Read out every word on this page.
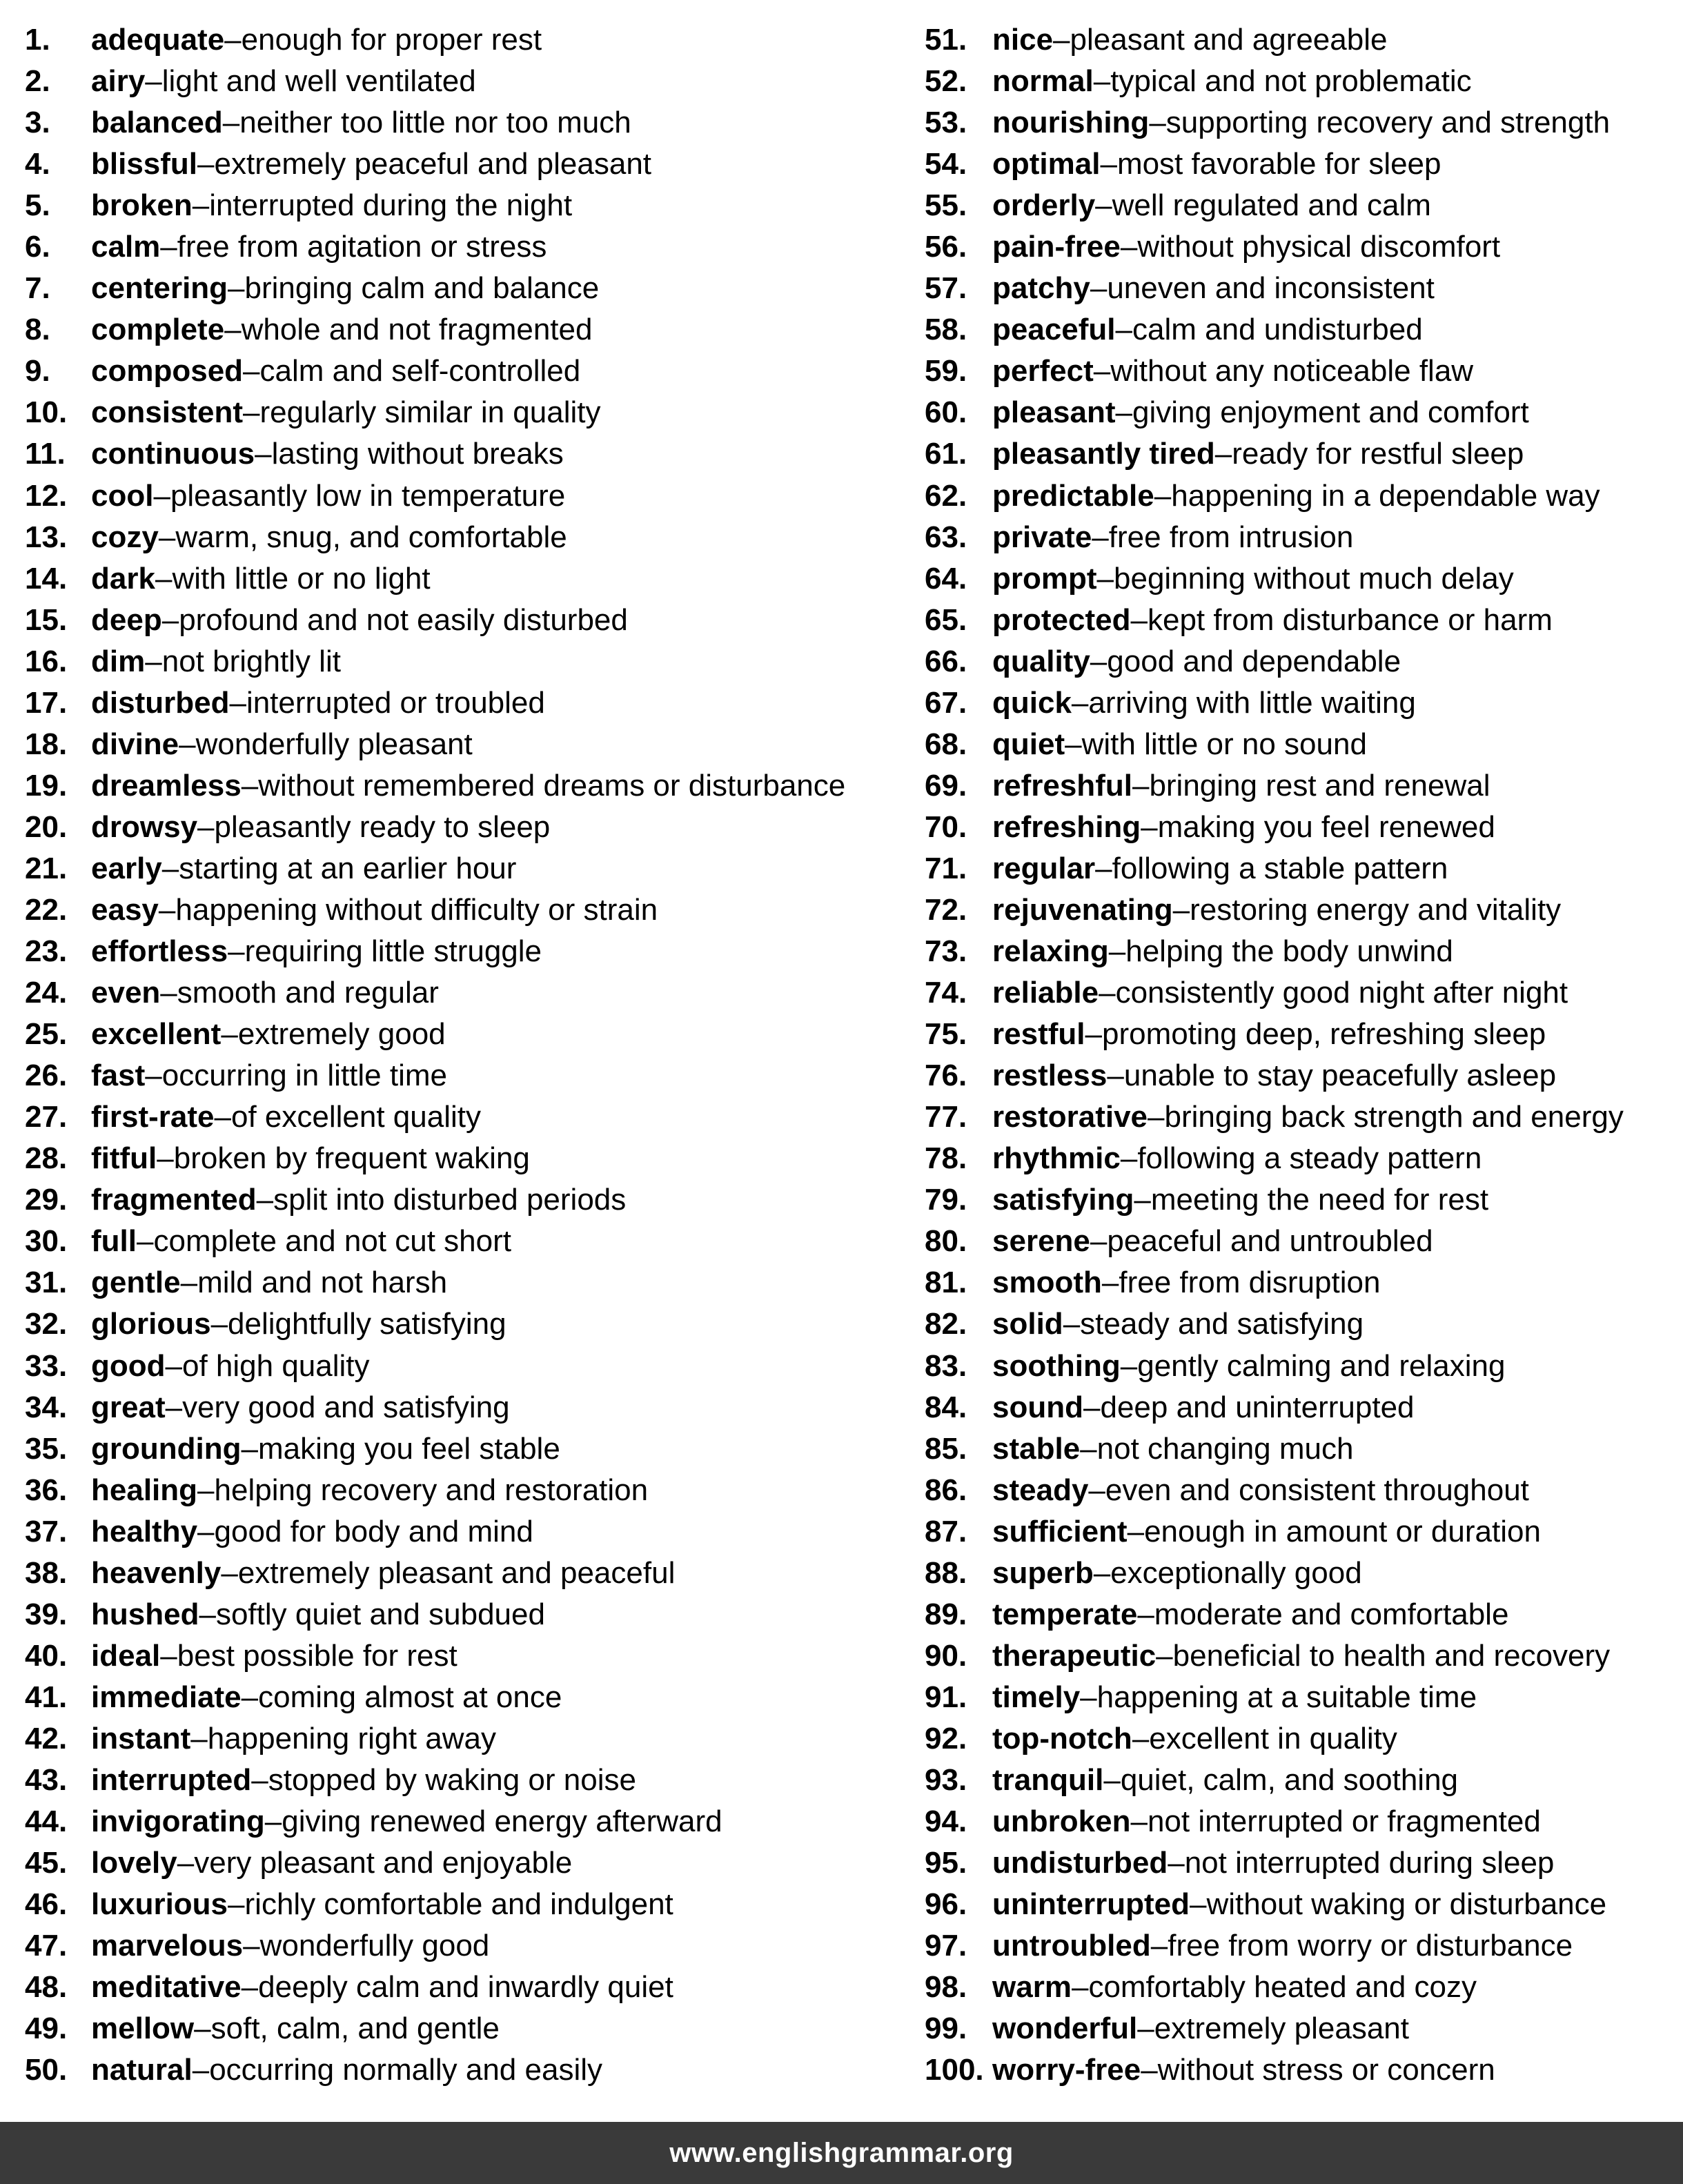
1.	adequate – enough for proper rest
2.	airy – light and well ventilated
3.	balanced – neither too little nor too much
4.	blissful – extremely peaceful and pleasant
5.	broken – interrupted during the night
6.	calm – free from agitation or stress
7.	centering – bringing calm and balance
8.	complete – whole and not fragmented
9.	composed – calm and self-controlled
10. consistent – regularly similar in quality
11. continuous – lasting without breaks
12. cool – pleasantly low in temperature
13. cozy – warm, snug, and comfortable
14. dark – with little or no light
15. deep – profound and not easily disturbed
16. dim – not brightly lit
17. disturbed – interrupted or troubled
18. divine – wonderfully pleasant
19. dreamless – without remembered dreams or disturbance
20. drowsy – pleasantly ready to sleep
21. early – starting at an earlier hour
22. easy – happening without difficulty or strain
23. effortless – requiring little struggle
24. even – smooth and regular
25. excellent – extremely good
26. fast – occurring in little time
27. first-rate – of excellent quality
28. fitful – broken by frequent waking
29. fragmented – split into disturbed periods
30. full – complete and not cut short
31. gentle – mild and not harsh
32. glorious – delightfully satisfying
33. good – of high quality
34. great – very good and satisfying
35. grounding – making you feel stable
36. healing – helping recovery and restoration
37. healthy – good for body and mind
38. heavenly – extremely pleasant and peaceful
39. hushed – softly quiet and subdued
40. ideal – best possible for rest
41. immediate – coming almost at once
42. instant – happening right away
43. interrupted – stopped by waking or noise
44. invigorating – giving renewed energy afterward
45. lovely – very pleasant and enjoyable
46. luxurious – richly comfortable and indulgent
47. marvelous – wonderfully good
48. meditative – deeply calm and inwardly quiet
49. mellow – soft, calm, and gentle
50. natural – occurring normally and easily
51. nice – pleasant and agreeable
52. normal – typical and not problematic
53. nourishing – supporting recovery and strength
54. optimal – most favorable for sleep
55. orderly – well regulated and calm
56. pain-free – without physical discomfort
57. patchy – uneven and inconsistent
58. peaceful – calm and undisturbed
59. perfect – without any noticeable flaw
60. pleasant – giving enjoyment and comfort
61. pleasantly tired – ready for restful sleep
62. predictable – happening in a dependable way
63. private – free from intrusion
64. prompt – beginning without much delay
65. protected – kept from disturbance or harm
66. quality – good and dependable
67. quick – arriving with little waiting
68. quiet – with little or no sound
69. refreshful – bringing rest and renewal
70. refreshing – making you feel renewed
71. regular – following a stable pattern
72. rejuvenating – restoring energy and vitality
73. relaxing – helping the body unwind
74. reliable – consistently good night after night
75. restful – promoting deep, refreshing sleep
76. restless – unable to stay peacefully asleep
77. restorative – bringing back strength and energy
78. rhythmic – following a steady pattern
79. satisfying – meeting the need for rest
80. serene – peaceful and untroubled
81. smooth – free from disruption
82. solid – steady and satisfying
83. soothing – gently calming and relaxing
84. sound – deep and uninterrupted
85. stable – not changing much
86. steady – even and consistent throughout
87. sufficient – enough in amount or duration
88. superb – exceptionally good
89. temperate – moderate and comfortable
90. therapeutic – beneficial to health and recovery
91. timely – happening at a suitable time
92. top-notch – excellent in quality
93. tranquil – quiet, calm, and soothing
94. unbroken – not interrupted or fragmented
95. undisturbed – not interrupted during sleep
96. uninterrupted – without waking or disturbance
97. untroubled – free from worry or disturbance
98. warm – comfortably heated and cozy
99. wonderful – extremely pleasant
100. worry-free – without stress or concern
www.englishgrammar.org
